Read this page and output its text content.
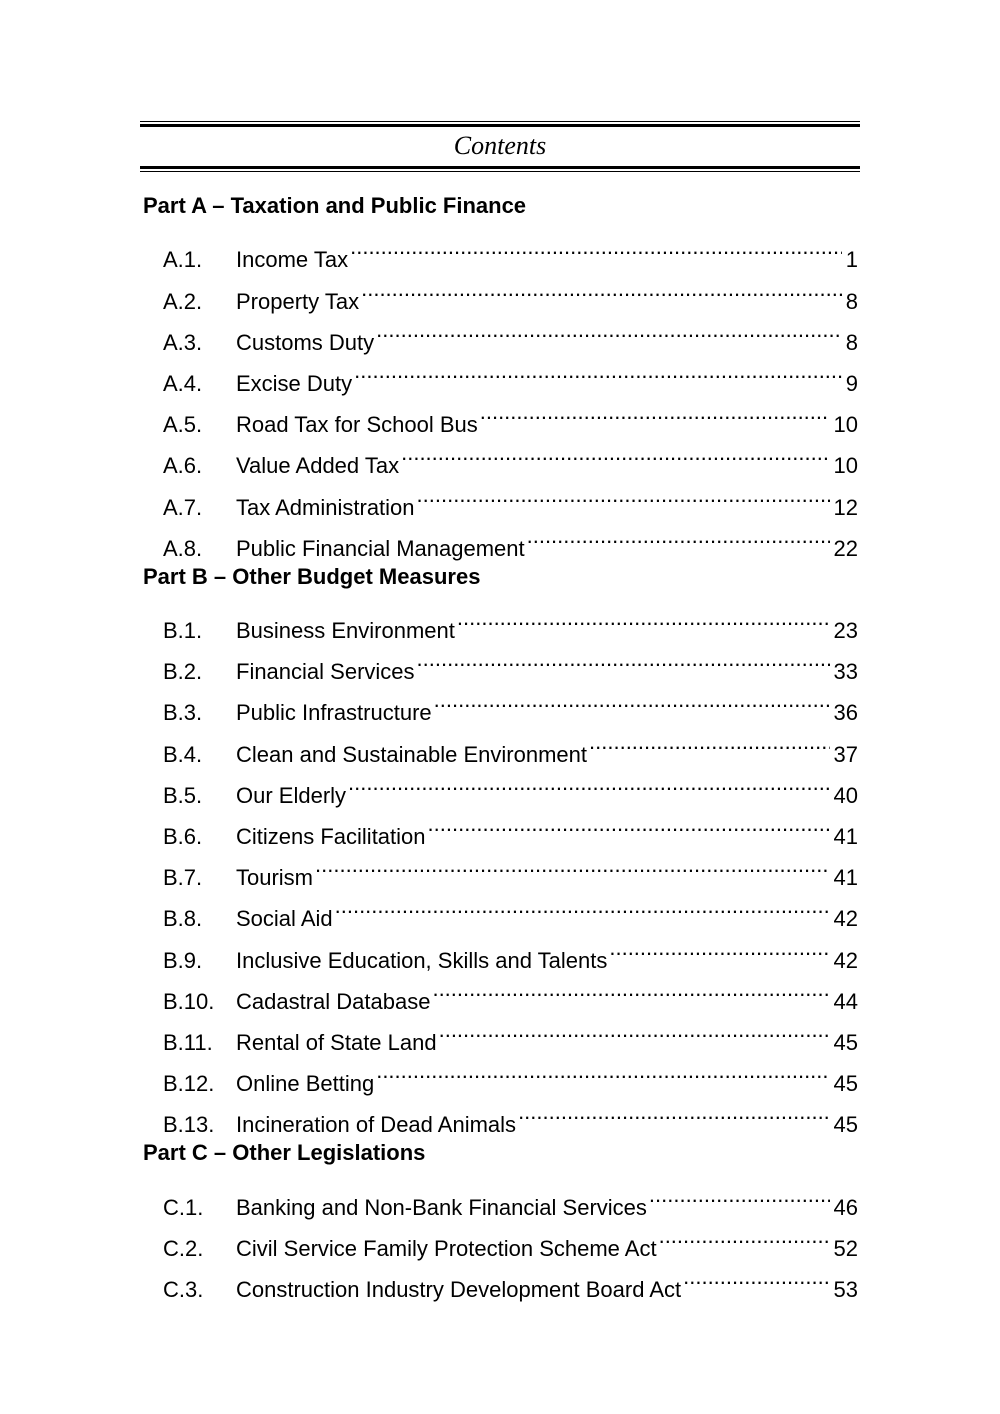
Contents
Part A – Taxation and Public Finance
A.1.	Income Tax .....	1
A.2.	Property Tax .....	8
A.3.	Customs Duty .....	8
A.4.	Excise Duty .....	9
A.5.	Road Tax for School Bus .....	10
A.6.	Value Added Tax .....	10
A.7.	Tax Administration .....	12
A.8.	Public Financial Management .....	22
Part B – Other Budget Measures
B.1.	Business Environment .....	23
B.2.	Financial Services .....	33
B.3.	Public Infrastructure .....	36
B.4.	Clean and Sustainable Environment .....	37
B.5.	Our Elderly .....	40
B.6.	Citizens Facilitation .....	41
B.7.	Tourism .....	41
B.8.	Social Aid .....	42
B.9.	Inclusive Education, Skills and Talents .....	42
B.10. Cadastral Database .....	44
B.11.	Rental of State Land .....	45
B.12. Online Betting .....	45
B.13. Incineration of Dead Animals .....	45
Part C – Other Legislations
C.1.	Banking and Non-Bank Financial Services .....	46
C.2.	Civil Service Family Protection Scheme Act .....	52
C.3.	Construction Industry Development Board Act .....	53
